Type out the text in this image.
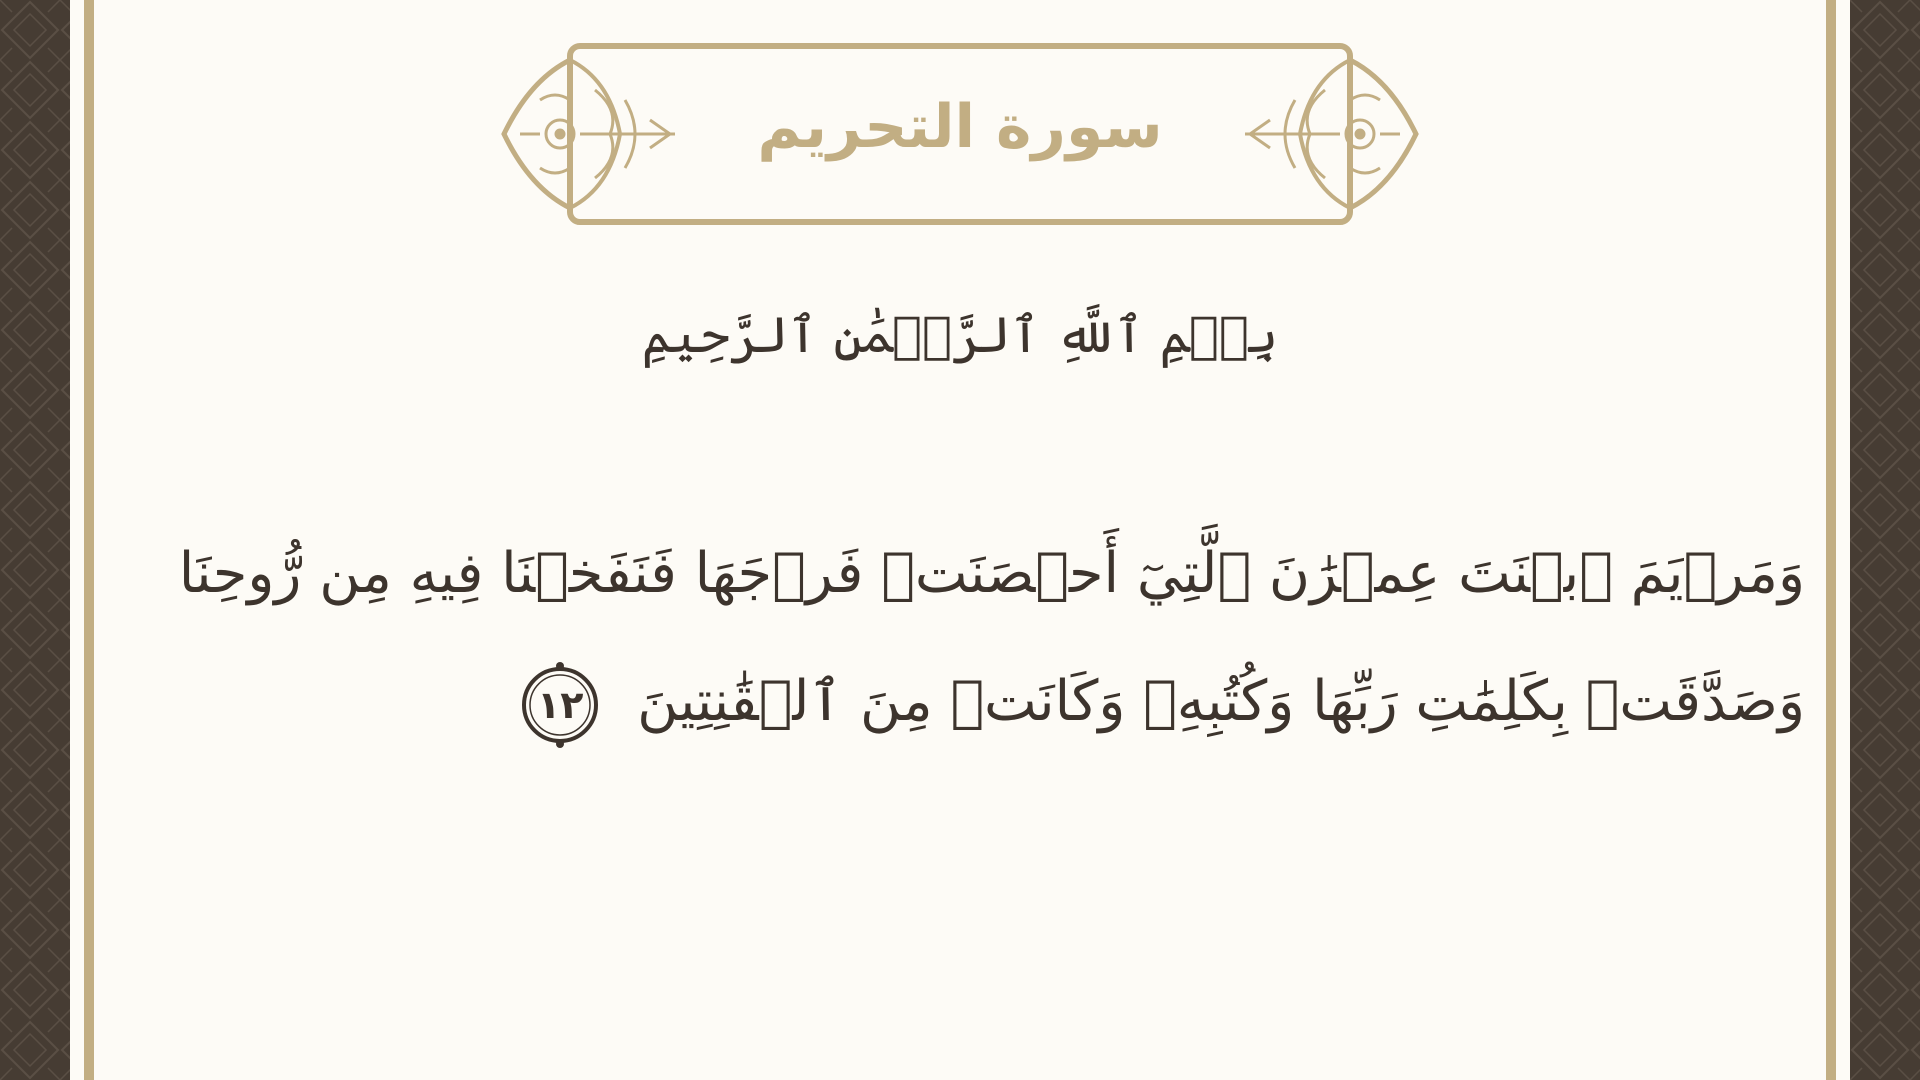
سورة التحريم
بِسۡمِ ٱللَّهِ ٱلرَّحۡمَٰنِ ٱلرَّحِيمِ
وَمَرۡيَمَ ٱبۡنَتَ عِمۡرَٰنَ ٱلَّتِيٓ أَحۡصَنَتۡ فَرۡجَهَا فَنَفَخۡنَا فِيهِ مِن رُّوحِنَا
وَصَدَّقَتۡ بِكَلِمَٰتِ رَبِّهَا وَكُتُبِهِۦ وَكَانَتۡ مِنَ ٱلۡقَٰنِتِينَ
١٢
